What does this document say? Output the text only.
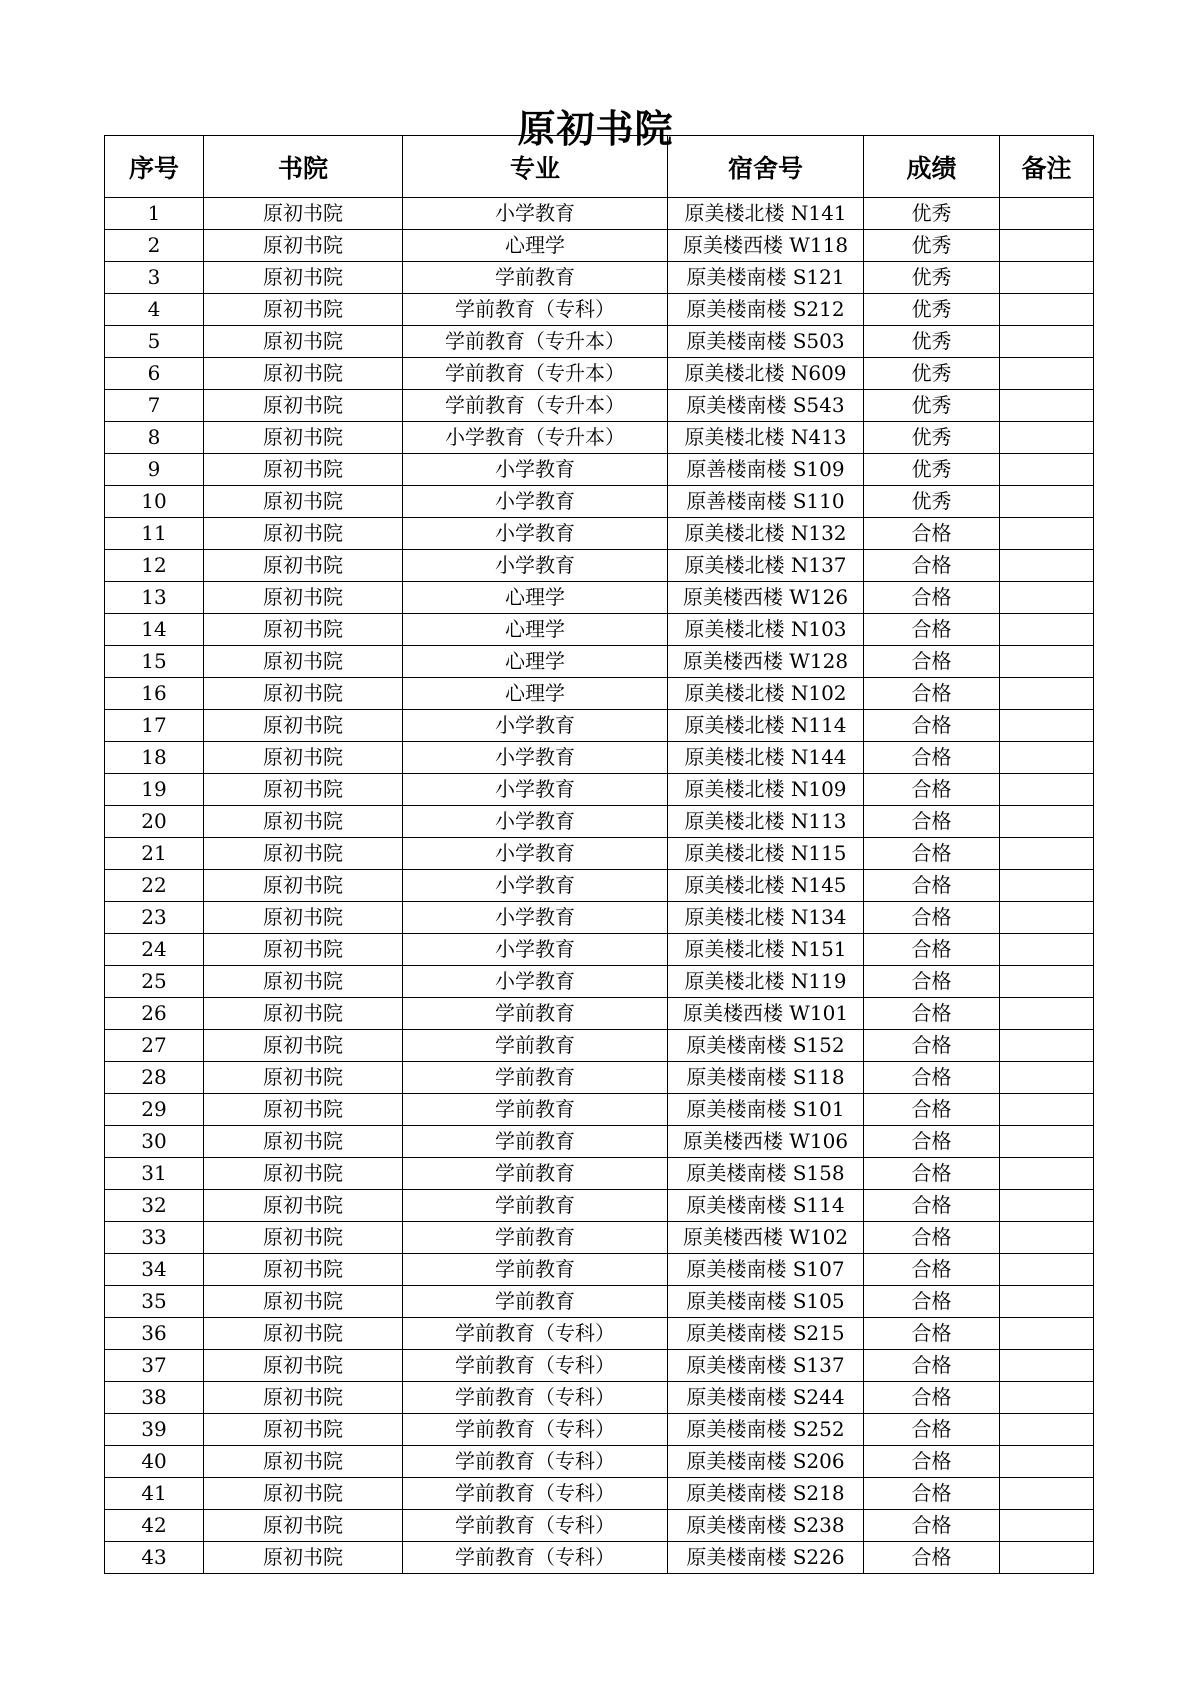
原初书院
序号	书院	专业	宿舍号	成绩	备注
1	原初书院	小学教育	原美楼北楼 N141	优秀	
2	原初书院	心理学	原美楼西楼 W118	优秀	
3	原初书院	学前教育	原美楼南楼 S121	优秀	
4	原初书院	学前教育（专科）	原美楼南楼 S212	优秀	
5	原初书院	学前教育（专升本）	原美楼南楼 S503	优秀	
6	原初书院	学前教育（专升本）	原美楼北楼 N609	优秀	
7	原初书院	学前教育（专升本）	原美楼南楼 S543	优秀	
8	原初书院	小学教育（专升本）	原美楼北楼 N413	优秀	
9	原初书院	小学教育	原善楼南楼 S109	优秀	
10	原初书院	小学教育	原善楼南楼 S110	优秀	
11	原初书院	小学教育	原美楼北楼 N132	合格	
12	原初书院	小学教育	原美楼北楼 N137	合格	
13	原初书院	心理学	原美楼西楼 W126	合格	
14	原初书院	心理学	原美楼北楼 N103	合格	
15	原初书院	心理学	原美楼西楼 W128	合格	
16	原初书院	心理学	原美楼北楼 N102	合格	
17	原初书院	小学教育	原美楼北楼 N114	合格	
18	原初书院	小学教育	原美楼北楼 N144	合格	
19	原初书院	小学教育	原美楼北楼 N109	合格	
20	原初书院	小学教育	原美楼北楼 N113	合格	
21	原初书院	小学教育	原美楼北楼 N115	合格	
22	原初书院	小学教育	原美楼北楼 N145	合格	
23	原初书院	小学教育	原美楼北楼 N134	合格	
24	原初书院	小学教育	原美楼北楼 N151	合格	
25	原初书院	小学教育	原美楼北楼 N119	合格	
26	原初书院	学前教育	原美楼西楼 W101	合格	
27	原初书院	学前教育	原美楼南楼 S152	合格	
28	原初书院	学前教育	原美楼南楼 S118	合格	
29	原初书院	学前教育	原美楼南楼 S101	合格	
30	原初书院	学前教育	原美楼西楼 W106	合格	
31	原初书院	学前教育	原美楼南楼 S158	合格	
32	原初书院	学前教育	原美楼南楼 S114	合格	
33	原初书院	学前教育	原美楼西楼 W102	合格	
34	原初书院	学前教育	原美楼南楼 S107	合格	
35	原初书院	学前教育	原美楼南楼 S105	合格	
36	原初书院	学前教育（专科）	原美楼南楼 S215	合格	
37	原初书院	学前教育（专科）	原美楼南楼 S137	合格	
38	原初书院	学前教育（专科）	原美楼南楼 S244	合格	
39	原初书院	学前教育（专科）	原美楼南楼 S252	合格	
40	原初书院	学前教育（专科）	原美楼南楼 S206	合格	
41	原初书院	学前教育（专科）	原美楼南楼 S218	合格	
42	原初书院	学前教育（专科）	原美楼南楼 S238	合格	
43	原初书院	学前教育（专科）	原美楼南楼 S226	合格	
